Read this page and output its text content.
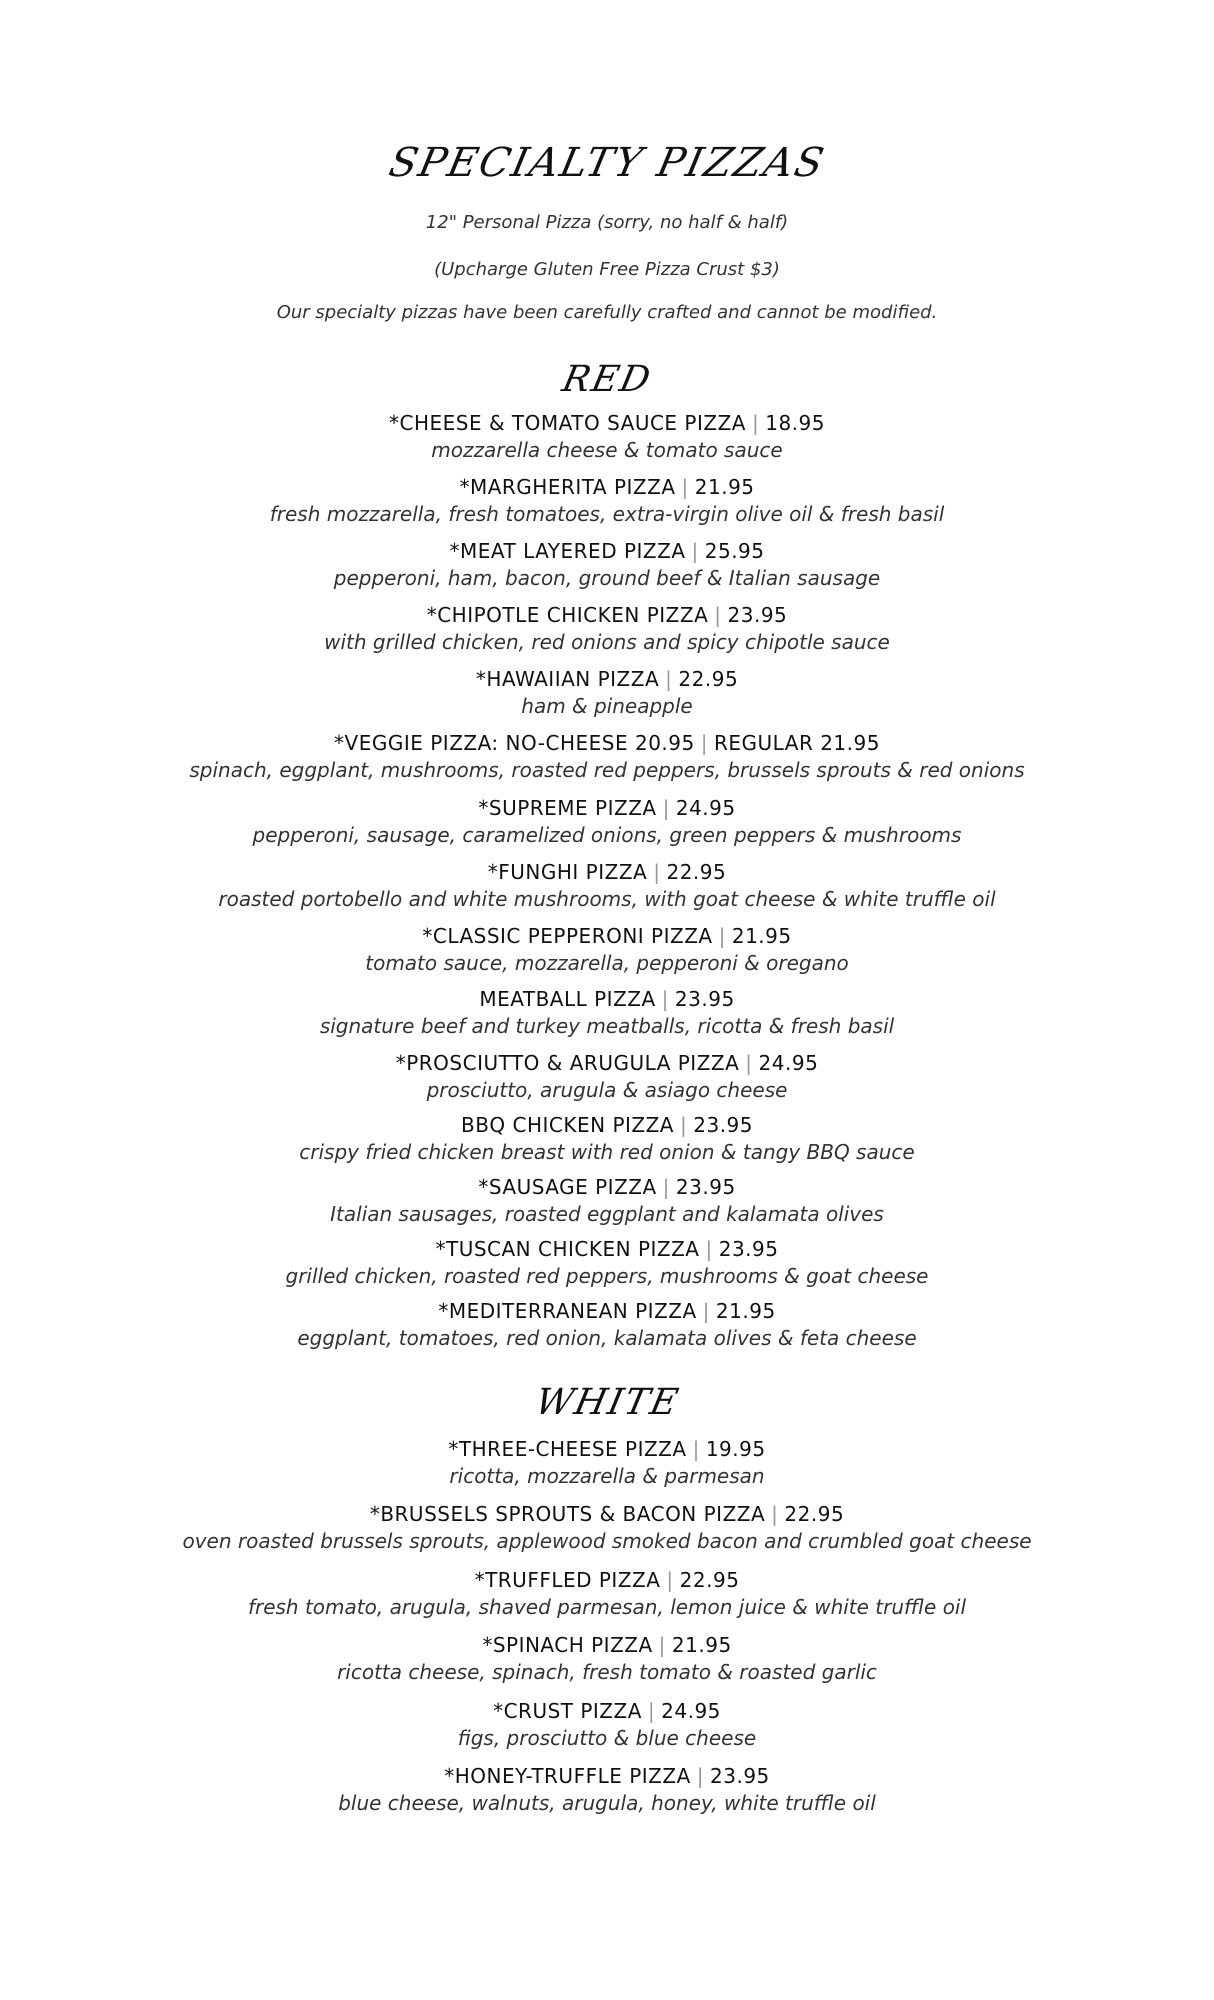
SPECIALTY PIZZAS
12" Personal Pizza (sorry, no half & half)
(Upcharge Gluten Free Pizza Crust $3)
Our specialty pizzas have been carefully crafted and cannot be modified.
RED
*CHEESE & TOMATO SAUCE PIZZA | 18.95
mozzarella cheese & tomato sauce
*MARGHERITA PIZZA | 21.95
fresh mozzarella, fresh tomatoes, extra-virgin olive oil & fresh basil
*MEAT LAYERED PIZZA | 25.95
pepperoni, ham, bacon, ground beef & Italian sausage
*CHIPOTLE CHICKEN PIZZA | 23.95
with grilled chicken, red onions and spicy chipotle sauce
*HAWAIIAN PIZZA | 22.95
ham & pineapple
*VEGGIE PIZZA: NO-CHEESE 20.95 | REGULAR 21.95
spinach, eggplant, mushrooms, roasted red peppers, brussels sprouts & red onions
*SUPREME PIZZA | 24.95
pepperoni, sausage, caramelized onions, green peppers & mushrooms
*FUNGHI PIZZA | 22.95
roasted portobello and white mushrooms, with goat cheese & white truffle oil
*CLASSIC PEPPERONI PIZZA | 21.95
tomato sauce, mozzarella, pepperoni & oregano
MEATBALL PIZZA | 23.95
signature beef and turkey meatballs, ricotta & fresh basil
*PROSCIUTTO & ARUGULA PIZZA | 24.95
prosciutto, arugula & asiago cheese
BBQ CHICKEN PIZZA | 23.95
crispy fried chicken breast with red onion & tangy BBQ sauce
*SAUSAGE PIZZA | 23.95
Italian sausages, roasted eggplant and kalamata olives
*TUSCAN CHICKEN PIZZA | 23.95
grilled chicken, roasted red peppers, mushrooms & goat cheese
*MEDITERRANEAN PIZZA | 21.95
eggplant, tomatoes, red onion, kalamata olives & feta cheese
WHITE
*THREE-CHEESE PIZZA | 19.95
ricotta, mozzarella & parmesan
*BRUSSELS SPROUTS & BACON PIZZA | 22.95
oven roasted brussels sprouts, applewood smoked bacon and crumbled goat cheese
*TRUFFLED PIZZA | 22.95
fresh tomato, arugula, shaved parmesan, lemon juice & white truffle oil
*SPINACH PIZZA | 21.95
ricotta cheese, spinach, fresh tomato & roasted garlic
*CRUST PIZZA | 24.95
figs, prosciutto & blue cheese
*HONEY-TRUFFLE PIZZA | 23.95
blue cheese, walnuts, arugula, honey, white truffle oil
